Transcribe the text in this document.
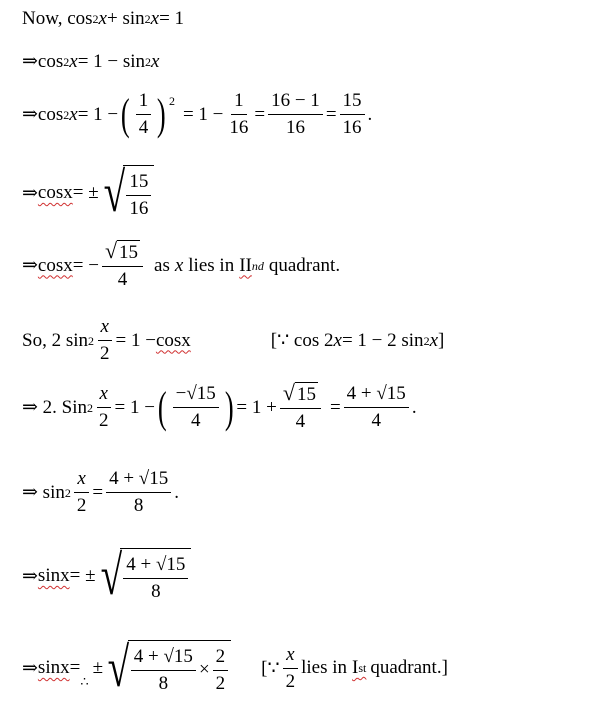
Now, cos 2 x + sin 2 x = 1
⇒ cos 2 x = 1 − sin 2 x
⇒ cos 2 x = 1 − ( $\frac{1}{4} )^2$
= $1 - \frac{1}{16} = \frac{16 - 1}{16} = \frac{15}{16}$ .
⇒ cosx = ± √ $\frac{15}{16}$
⇒ cosx = − $\frac{√ 15}{4}$ as x lies in II nd quadrant.
So, 2 $\sin 2 \frac{x}{2} = 1 - \cos x$	[∵ cos 2 x = 1 − 2 sin 2 x ]
⇒ 2. Sin $2 \frac{x}{2} = 1$ − ( $\frac{-√15}{4}$ ) = $1 + \frac{√ 15}{4} = \frac{4 + √15}{4}$ .
⇒ $\sin 2 \frac{x}{2} = \frac{4 + √15}{8}$ .
⇒ sinx = ± √ $\frac{4 + √15}{8}$
⇒ sinx =
∴
± √ $\frac{4 + √15}{8} \times \frac{2}{2}$ [∵ $\frac{x}{2}$ lies in I st quadrant.]
